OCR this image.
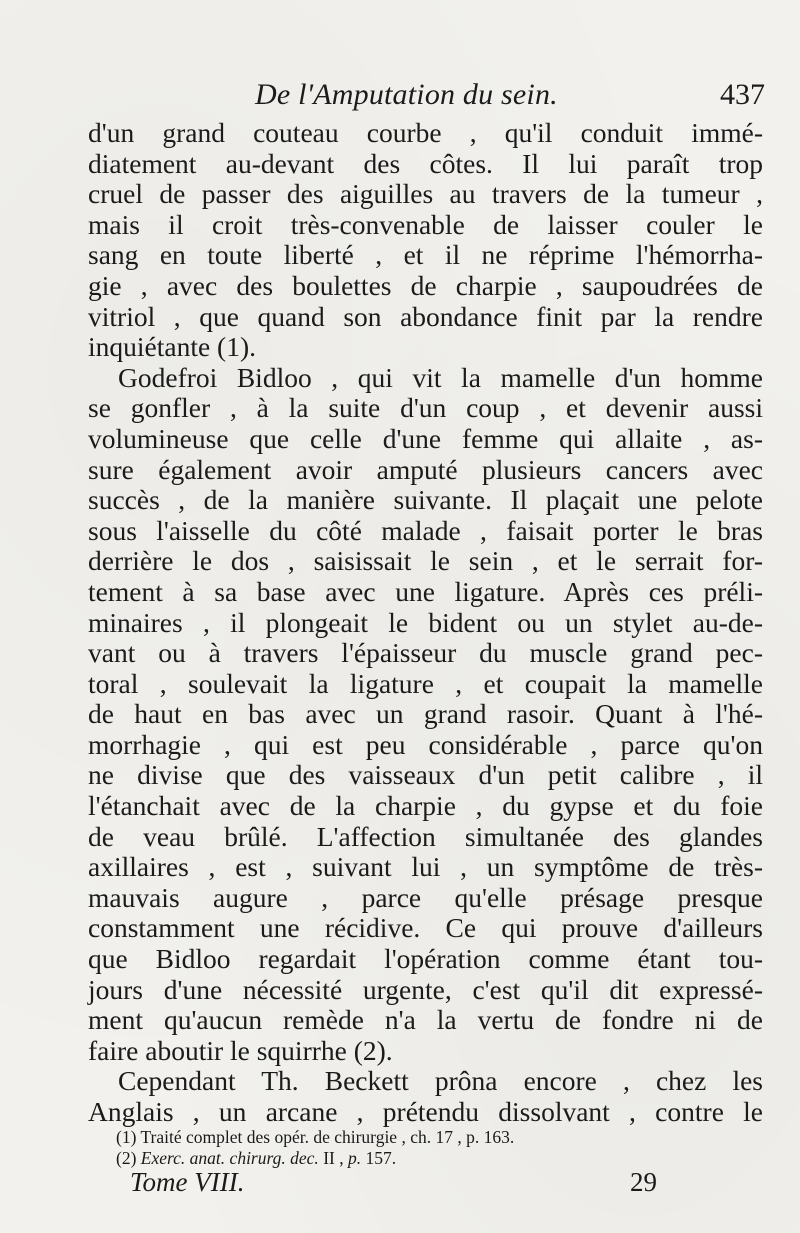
De l'Amputation du sein.	437
d'un grand couteau courbe , qu'il conduit immé-
diatement au-devant des côtes. Il lui paraît trop
cruel de passer des aiguilles au travers de la tumeur ,
mais il croit très-convenable de laisser couler le
sang en toute liberté , et il ne réprime l'hémorrha-
gie , avec des boulettes de charpie , saupoudrées de
vitriol , que quand son abondance finit par la rendre
inquiétante (1).
Godefroi Bidloo , qui vit la mamelle d'un homme
se gonfler , à la suite d'un coup , et devenir aussi
volumineuse que celle d'une femme qui allaite , as-
sure également avoir amputé plusieurs cancers avec
succès , de la manière suivante. Il plaçait une pelote
sous l'aisselle du côté malade , faisait porter le bras
derrière le dos , saisissait le sein , et le serrait for-
tement à sa base avec une ligature. Après ces préli-
minaires , il plongeait le bident ou un stylet au-de-
vant ou à travers l'épaisseur du muscle grand pec-
toral , soulevait la ligature , et coupait la mamelle
de haut en bas avec un grand rasoir. Quant à l'hé-
morrhagie , qui est peu considérable , parce qu'on
ne divise que des vaisseaux d'un petit calibre , il
l'étanchait avec de la charpie , du gypse et du foie
de veau brûlé. L'affection simultanée des glandes
axillaires , est , suivant lui , un symptôme de très-
mauvais augure , parce qu'elle présage presque
constamment une récidive. Ce qui prouve d'ailleurs
que Bidloo regardait l'opération comme étant tou-
jours d'une nécessité urgente, c'est qu'il dit expressé-
ment qu'aucun remède n'a la vertu de fondre ni de
faire aboutir le squirrhe (2).
Cependant Th. Beckett prôna encore , chez les
Anglais , un arcane , prétendu dissolvant , contre le
(1) Traité complet des opér. de chirurgie , ch. 17 , p. 163.
(2) Exerc. anat. chirurg. dec. II , p. 157.
Tome VIII.	29
